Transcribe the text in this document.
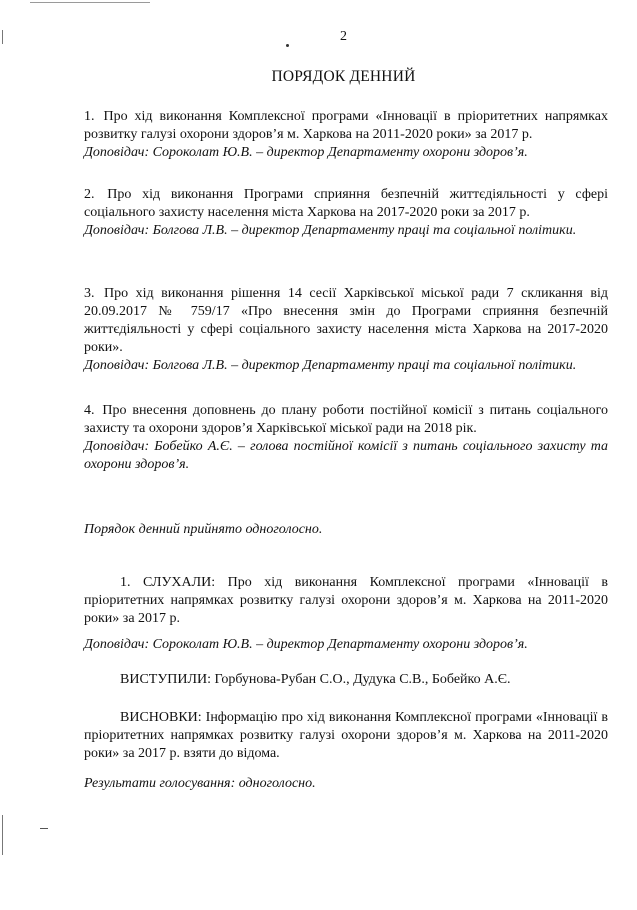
2
ПОРЯДОК ДЕННИЙ
1. Про хід виконання Комплексної програми «Інновації в пріоритетних напрямках розвитку галузі охорони здоров’я м. Харкова на 2011-2020 роки» за 2017 р.
Доповідач: Сороколат Ю.В. – директор Департаменту охорони здоров’я.
2. Про хід виконання Програми сприяння безпечній життєдіяльності у сфері соціального захисту населення міста Харкова на 2017-2020 роки за 2017 р.
Доповідач: Болгова Л.В. – директор Департаменту праці та соціальної політики.
3. Про хід виконання рішення 14 сесії Харківської міської ради 7 скликання від 20.09.2017 № 759/17 «Про внесення змін до Програми сприяння безпечній життєдіяльності у сфері соціального захисту населення міста Харкова на 2017-2020 роки».
Доповідач: Болгова Л.В. – директор Департаменту праці та соціальної політики.
4. Про внесення доповнень до плану роботи постійної комісії з питань соціального захисту та охорони здоров’я Харківської міської ради на 2018 рік.
Доповідач: Бобейко А.Є. – голова постійної комісії з питань соціального захисту та охорони здоров’я.
Порядок денний прийнято одноголосно.
1. СЛУХАЛИ: Про хід виконання Комплексної програми «Інновації в пріоритетних напрямках розвитку галузі охорони здоров’я м. Харкова на 2011-2020 роки» за 2017 р.
Доповідач: Сороколат Ю.В. – директор Департаменту охорони здоров’я.
ВИСТУПИЛИ: Горбунова-Рубан С.О., Дудука С.В., Бобейко А.Є.
ВИСНОВКИ: Інформацію про хід виконання Комплексної програми «Інновації в пріоритетних напрямках розвитку галузі охорони здоров’я м. Харкова на 2011-2020 роки» за 2017 р. взяти до відома.
Результати голосування: одноголосно.
